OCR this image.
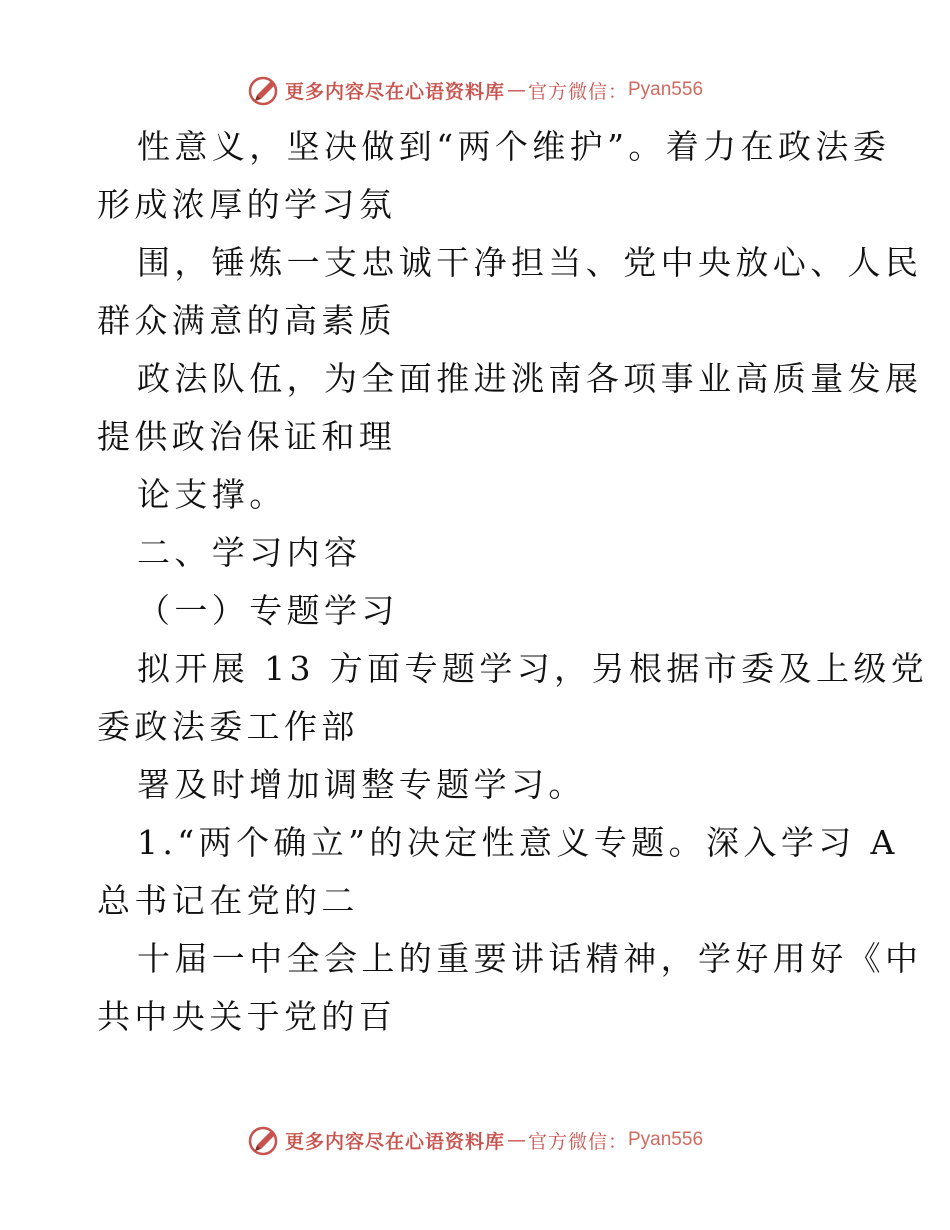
更多内容尽在心语资料库 — 官方微信： Pyan556
性意义，坚决做到“两个维护”。着力在政法委
形成浓厚的学习氛
围，锤炼一支忠诚干净担当、党中央放心、人民
群众满意的高素质
政法队伍，为全面推进洮南各项事业高质量发展
提供政治保证和理
论支撑。
二、学习内容
（一）专题学习
拟开展 13 方面专题学习，另根据市委及上级党
委政法委工作部
署及时增加调整专题学习。
1.“两个确立”的决定性意义专题。深入学习 A
总书记在党的二
十届一中全会上的重要讲话精神，学好用好《中
共中央关于党的百
更多内容尽在心语资料库 — 官方微信： Pyan556
